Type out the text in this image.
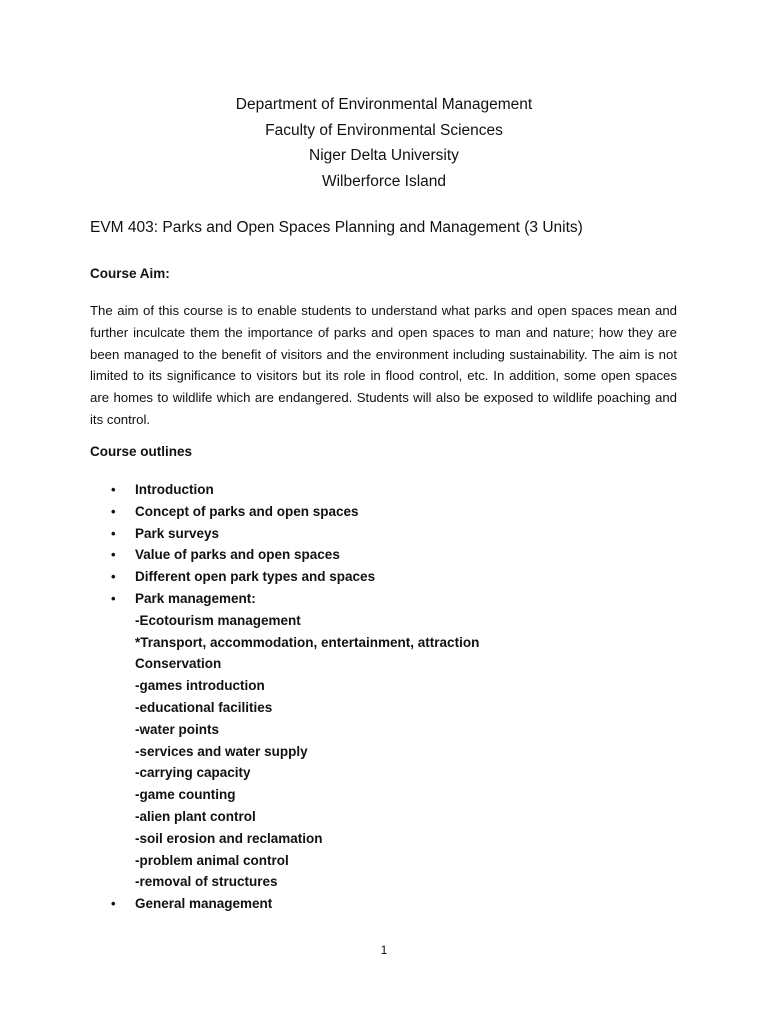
Department of Environmental Management
Faculty of Environmental Sciences
Niger Delta University
Wilberforce Island
EVM 403: Parks and Open Spaces Planning and Management (3 Units)
Course Aim:

The aim of this course is to enable students to understand what parks and open spaces mean and further inculcate them the importance of parks and open spaces to man and nature; how they are been managed to the benefit of visitors and the environment including sustainability. The aim is not limited to its significance to visitors but its role in flood control, etc. In addition, some open spaces are homes to wildlife which are endangered. Students will also be exposed to wildlife poaching and its control.

Course outlines
• Introduction
• Concept of parks and open spaces
• Park surveys
• Value of parks and open spaces
• Different open park types and spaces
• Park management:
-Ecotourism management
*Transport, accommodation, entertainment, attraction
Conservation
-games introduction
-educational facilities
-water points
-services and water supply
-carrying capacity
-game counting
-alien plant control
-soil erosion and reclamation
-problem animal control
-removal of structures
• General management
1
